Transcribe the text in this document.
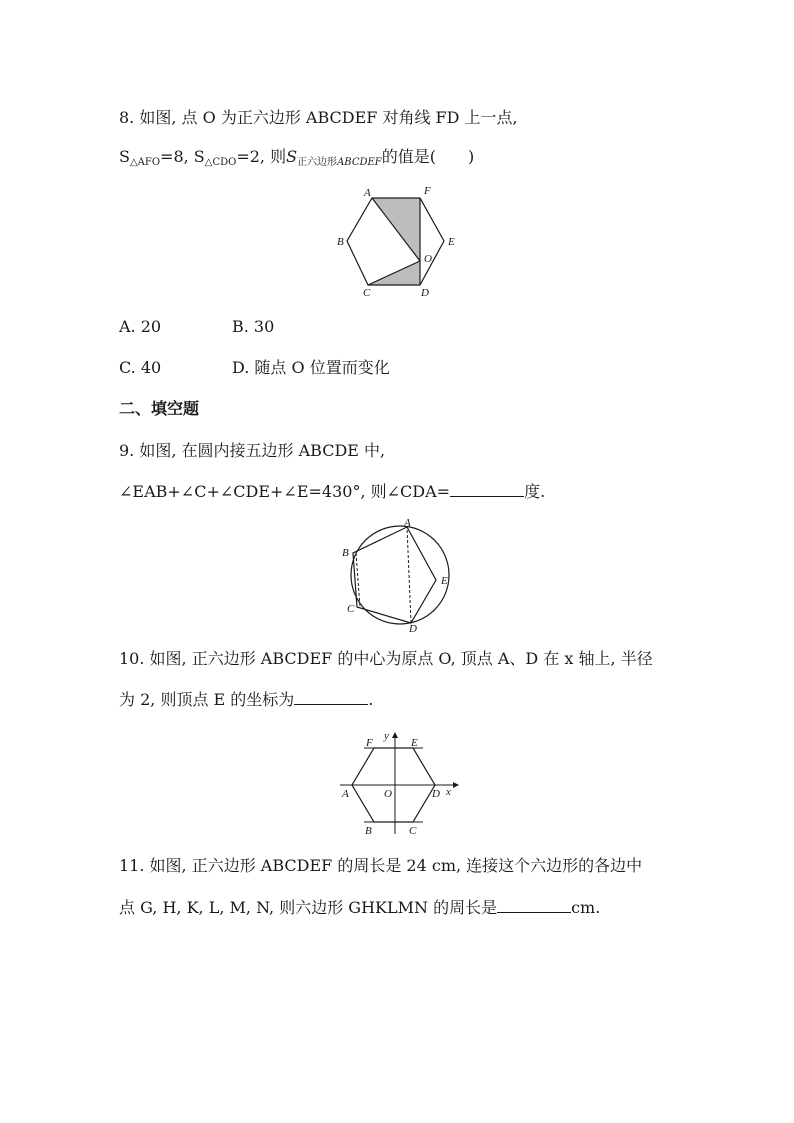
8. 如图, 点 O 为正六边形 ABCDEF 对角线 FD 上一点,
$S_{\triangle AFO}=8$, $S_{\triangle CDO}=2$, 则$S_{正六边形ABCDEF}$的值是(　　)
A	F
B	E
O
C	D
A. 20	B. 30
C. 40	D. 随点 O 位置而变化
二、填空题
9. 如图, 在圆内接五边形 ABCDE 中,
∠EAB+∠C+∠CDE+∠E=430°, 则∠CDA=	度.
A
B
C
D
E
10. 如图, 正六边形 ABCDEF 的中心为原点 O, 顶点 A、D 在 x 轴上, 半径
为 2, 则顶点 E 的坐标为	.
F	E
y
A	O	D x
B	C
11. 如图, 正六边形 ABCDEF 的周长是 24 cm, 连接这个六边形的各边中
点 G, H, K, L, M, N, 则六边形 GHKLMN 的周长是	cm.
